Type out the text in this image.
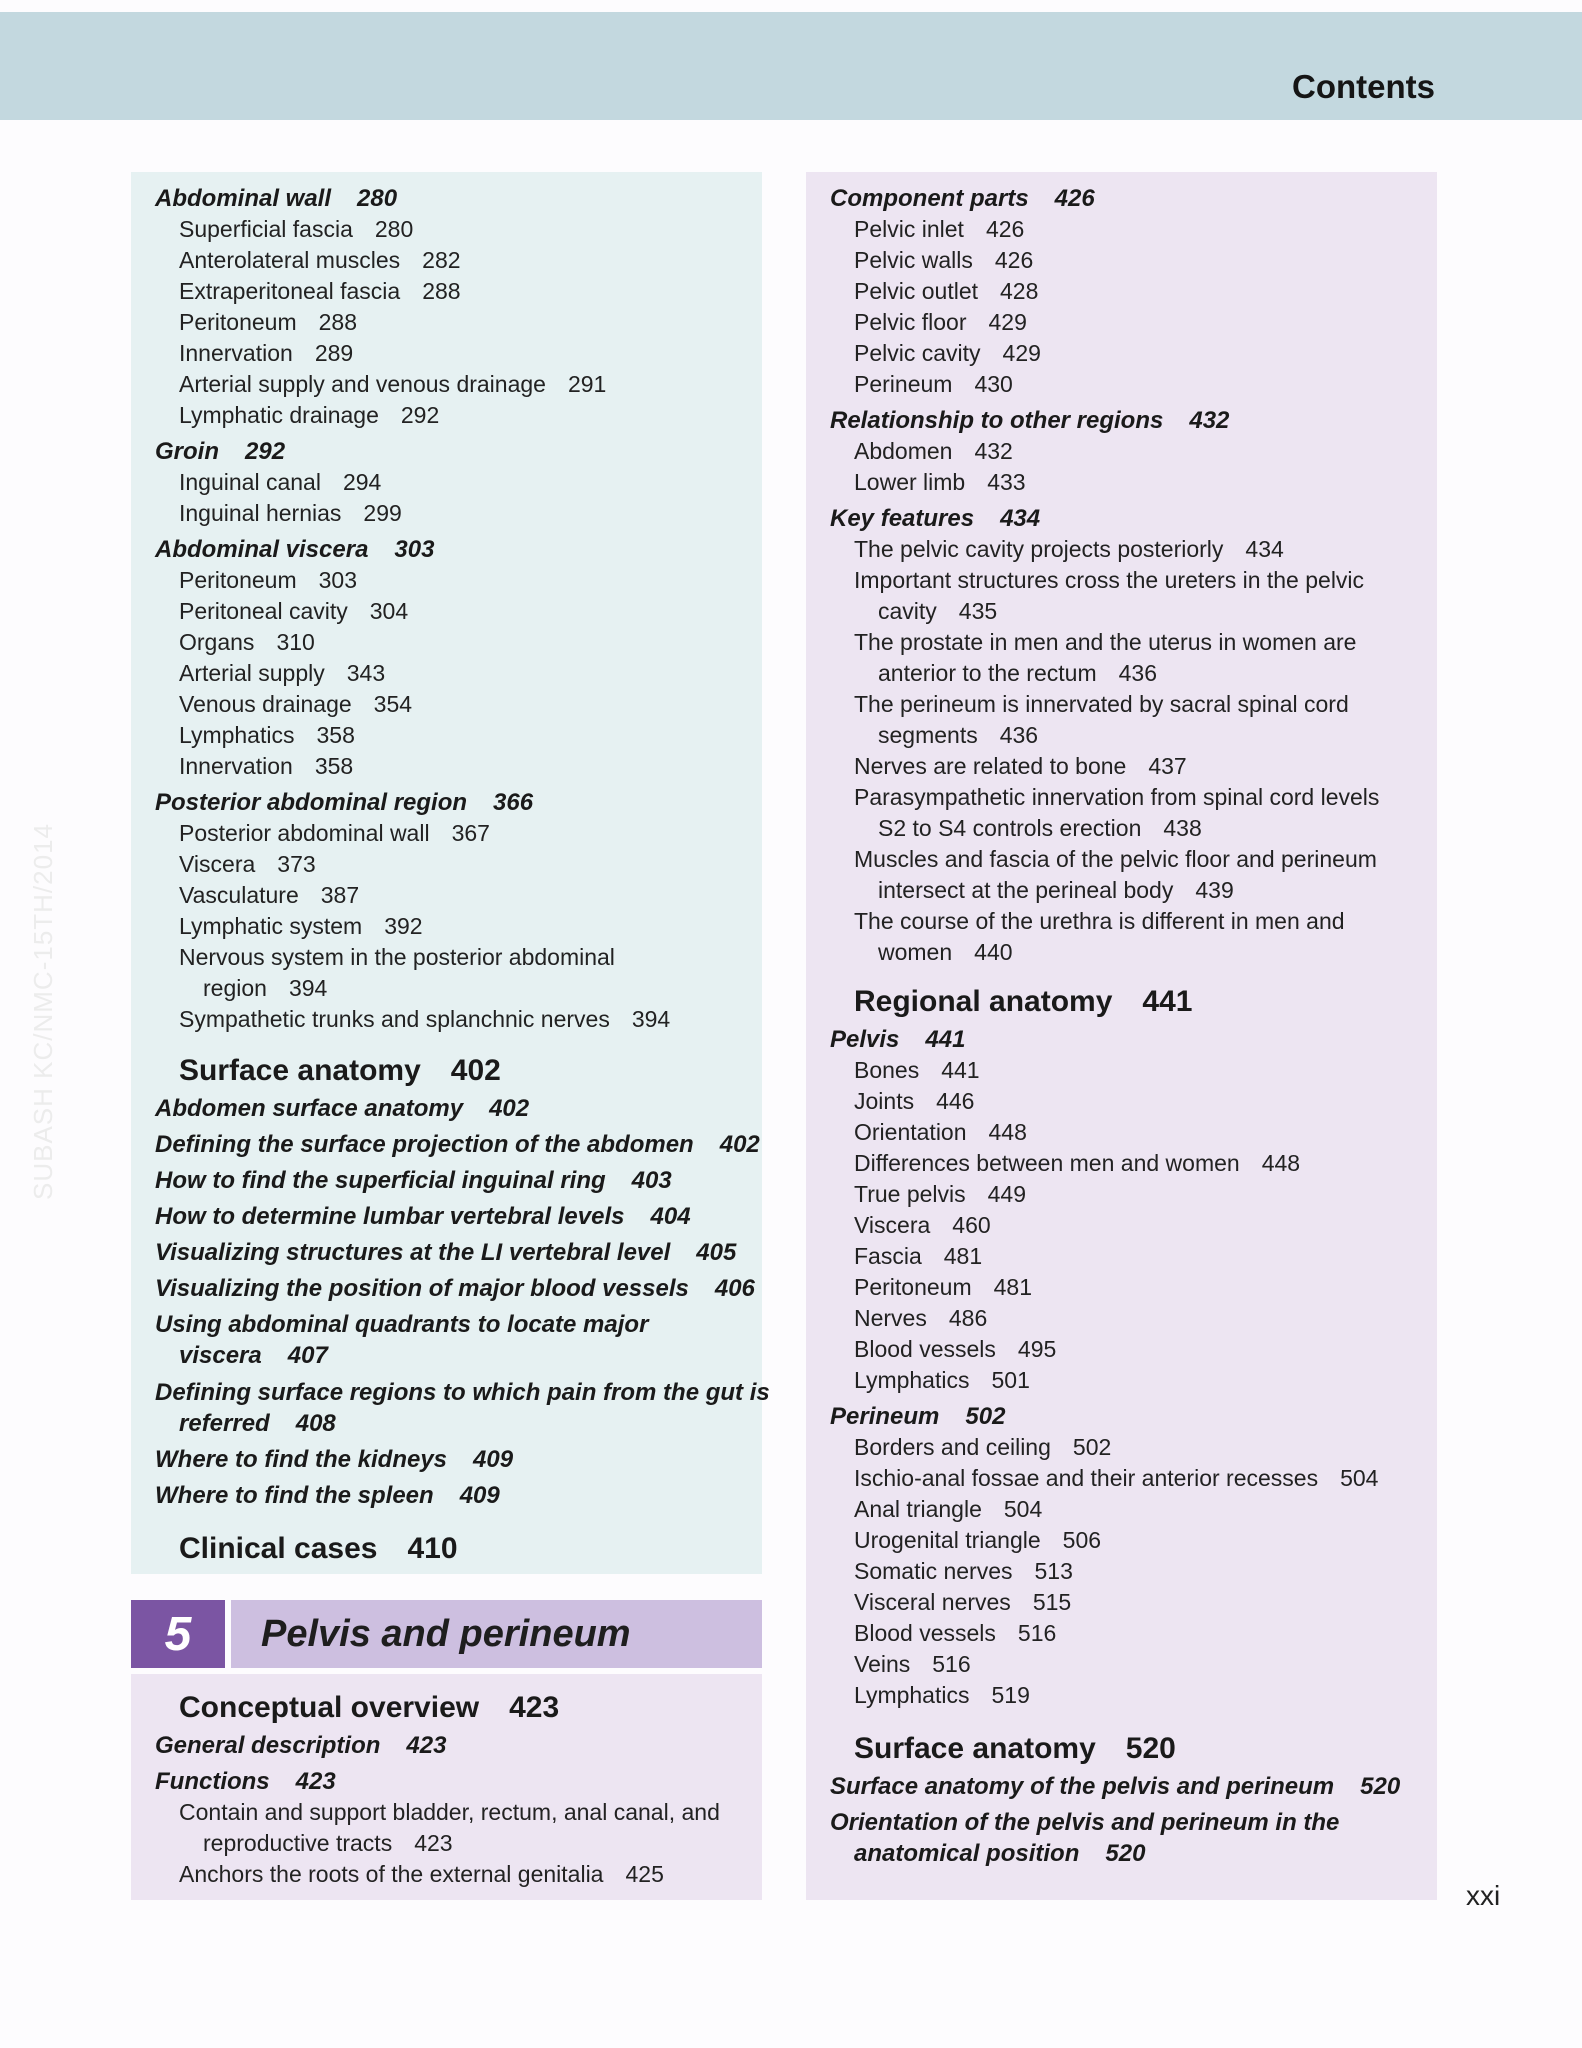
Contents
SUBASH KC/NMC-15TH/2014
5	Pelvis and perineum
Abdominal wall 280
Superficial fascia 280
Anterolateral muscles 282
Extraperitoneal fascia 288
Peritoneum 288
Innervation 289
Arterial supply and venous drainage 291
Lymphatic drainage 292
Groin 292
Inguinal canal 294
Inguinal hernias 299
Abdominal viscera 303
Peritoneum 303
Peritoneal cavity 304
Organs 310
Arterial supply 343
Venous drainage 354
Lymphatics 358
Innervation 358
Posterior abdominal region 366
Posterior abdominal wall 367
Viscera 373
Vasculature 387
Lymphatic system 392
Nervous system in the posterior abdominal
region 394
Sympathetic trunks and splanchnic nerves 394
Surface anatomy 402
Abdomen surface anatomy 402
Defining the surface projection of the abdomen 402
How to find the superficial inguinal ring 403
How to determine lumbar vertebral levels 404
Visualizing structures at the LI vertebral level 405
Visualizing the position of major blood vessels 406
Using abdominal quadrants to locate major
viscera 407
Defining surface regions to which pain from the gut is
referred 408
Where to find the kidneys 409
Where to find the spleen 409
Clinical cases 410
Conceptual overview 423
General description 423
Functions 423
Contain and support bladder, rectum, anal canal, and
reproductive tracts 423
Anchors the roots of the external genitalia 425
Component parts 426
Pelvic inlet 426
Pelvic walls 426
Pelvic outlet 428
Pelvic floor 429
Pelvic cavity 429
Perineum 430
Relationship to other regions 432
Abdomen 432
Lower limb 433
Key features 434
The pelvic cavity projects posteriorly 434
Important structures cross the ureters in the pelvic
cavity 435
The prostate in men and the uterus in women are
anterior to the rectum 436
The perineum is innervated by sacral spinal cord
segments 436
Nerves are related to bone 437
Parasympathetic innervation from spinal cord levels
S2 to S4 controls erection 438
Muscles and fascia of the pelvic floor and perineum
intersect at the perineal body 439
The course of the urethra is different in men and
women 440
Regional anatomy 441
Pelvis 441
Bones 441
Joints 446
Orientation 448
Differences between men and women 448
True pelvis 449
Viscera 460
Fascia 481
Peritoneum 481
Nerves 486
Blood vessels 495
Lymphatics 501
Perineum 502
Borders and ceiling 502
Ischio-anal fossae and their anterior recesses 504
Anal triangle 504
Urogenital triangle 506
Somatic nerves 513
Visceral nerves 515
Blood vessels 516
Veins 516
Lymphatics 519
Surface anatomy 520
Surface anatomy of the pelvis and perineum 520
Orientation of the pelvis and perineum in the
anatomical position 520
xxi
